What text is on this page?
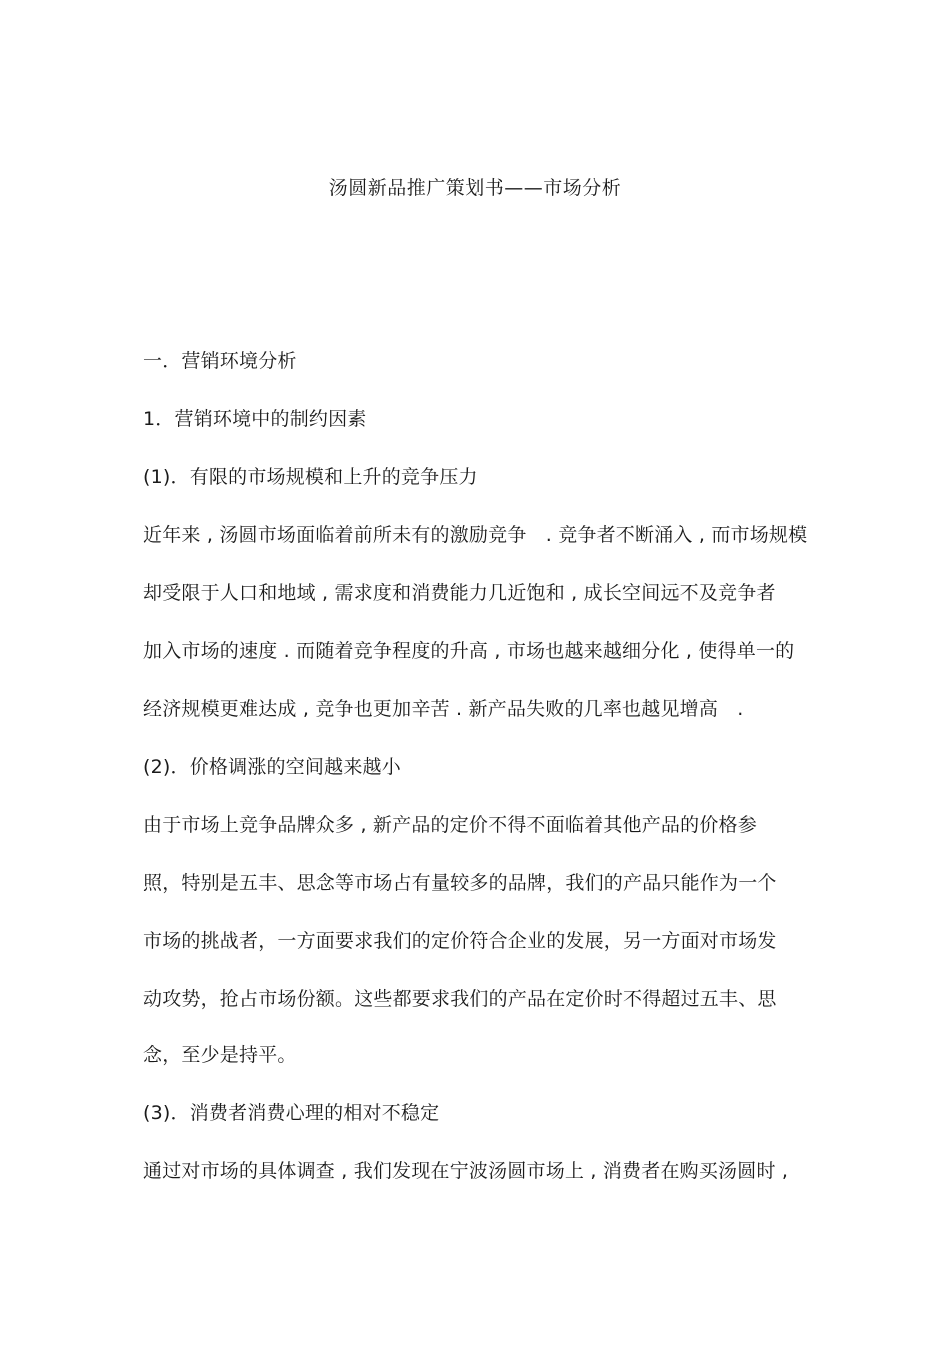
汤圆新品推广策划书——市场分析
一．营销环境分析
1．营销环境中的制约因素
(1)．有限的市场规模和上升的竞争压力
近年来 , 汤圆市场面临着前所未有的激励竞争　. 竞争者不断涌入 , 而市场规模
却受限于人口和地域 , 需求度和消费能力几近饱和 , 成长空间远不及竞争者
加入市场的速度 . 而随着竞争程度的升高 , 市场也越来越细分化 , 使得单一的
经济规模更难达成 , 竞争也更加辛苦 . 新产品失败的几率也越见增高　.
(2)．价格调涨的空间越来越小
由于市场上竞争品牌众多 , 新产品的定价不得不面临着其他产品的价格参
照，特别是五丰、思念等市场占有量较多的品牌，我们的产品只能作为一个
市场的挑战者，一方面要求我们的定价符合企业的发展，另一方面对市场发
动攻势，抢占市场份额。这些都要求我们的产品在定价时不得超过五丰、思
念，至少是持平。
(3)．消费者消费心理的相对不稳定
通过对市场的具体调查 , 我们发现在宁波汤圆市场上 , 消费者在购买汤圆时 ,
